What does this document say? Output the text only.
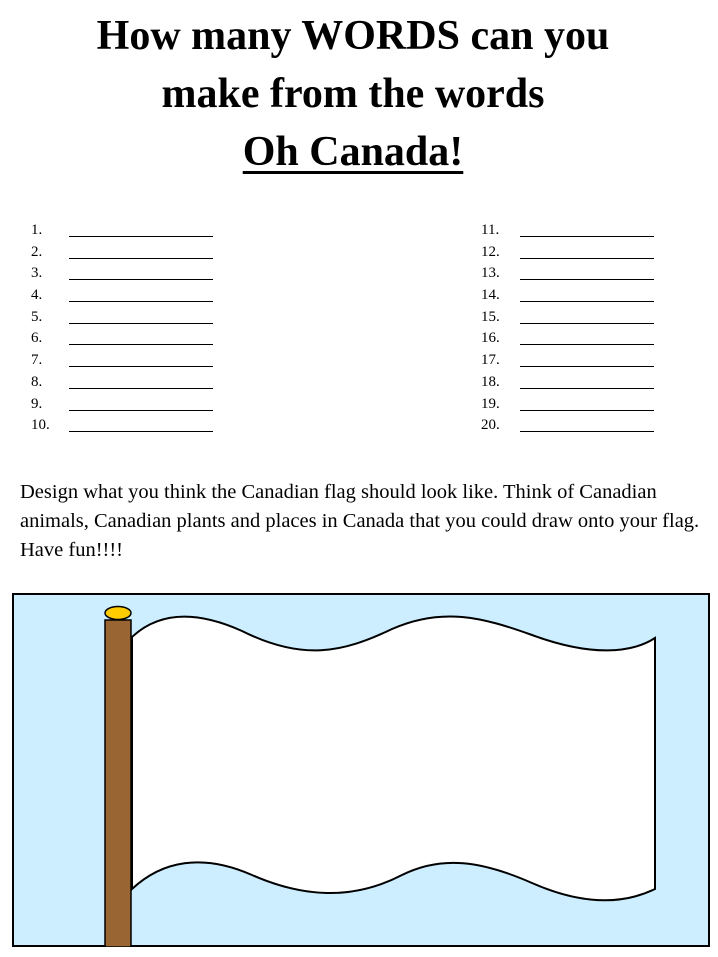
How many WORDS can you
make from the words
Oh Canada!
1.
2.
3.
4.
5.
6.
7.
8.
9.
10.
11.
12.
13.
14.
15.
16.
17.
18.
19.
20.
Design what you think the Canadian flag should look like. Think of Canadian animals, Canadian plants and places in Canada that you could draw onto your flag. Have fun!!!!
